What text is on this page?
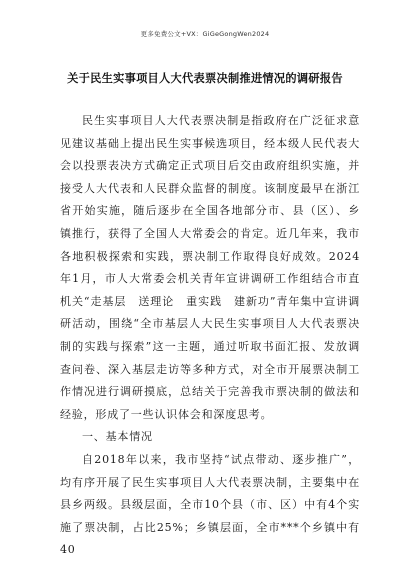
更多免费公文+VX：GiGeGongWen2024
关于民生实事项目人大代表票决制推进情况的调研报告

民生实事项目人大代表票决制是指政府在广泛征求意见建议基础上提出民生实事候选项目，经本级人民代表大会以投票表决方式确定正式项目后交由政府组织实施，并接受人大代表和人民群众监督的制度。该制度最早在浙江省开始实施，随后逐步在全国各地部分市、县（区）、乡镇推行，获得了全国人大常委会的肯定。近几年来，我市各地积极探索和实践，票决制工作取得良好成效。2024年1月，市人大常委会机关青年宣讲调研工作组结合市直机关“走基层　送理论　重实践　建新功”青年集中宣讲调研活动，围绕“全市基层人大民生实事项目人大代表票决制的实践与探索”这一主题，通过听取书面汇报、发放调查问卷、深入基层走访等多种方式，对全市开展票决制工作情况进行调研摸底，总结关于完善我市票决制的做法和经验，形成了一些认识体会和深度思考。

一、基本情况

自2018年以来，我市坚持“试点带动、逐步推广”，均有序开展了民生实事项目人大代表票决制，主要集中在县乡两级。县级层面，全市10个县（市、区）中有4个实施了票决制，占比25%；乡镇层面，全市***个乡镇中有40
